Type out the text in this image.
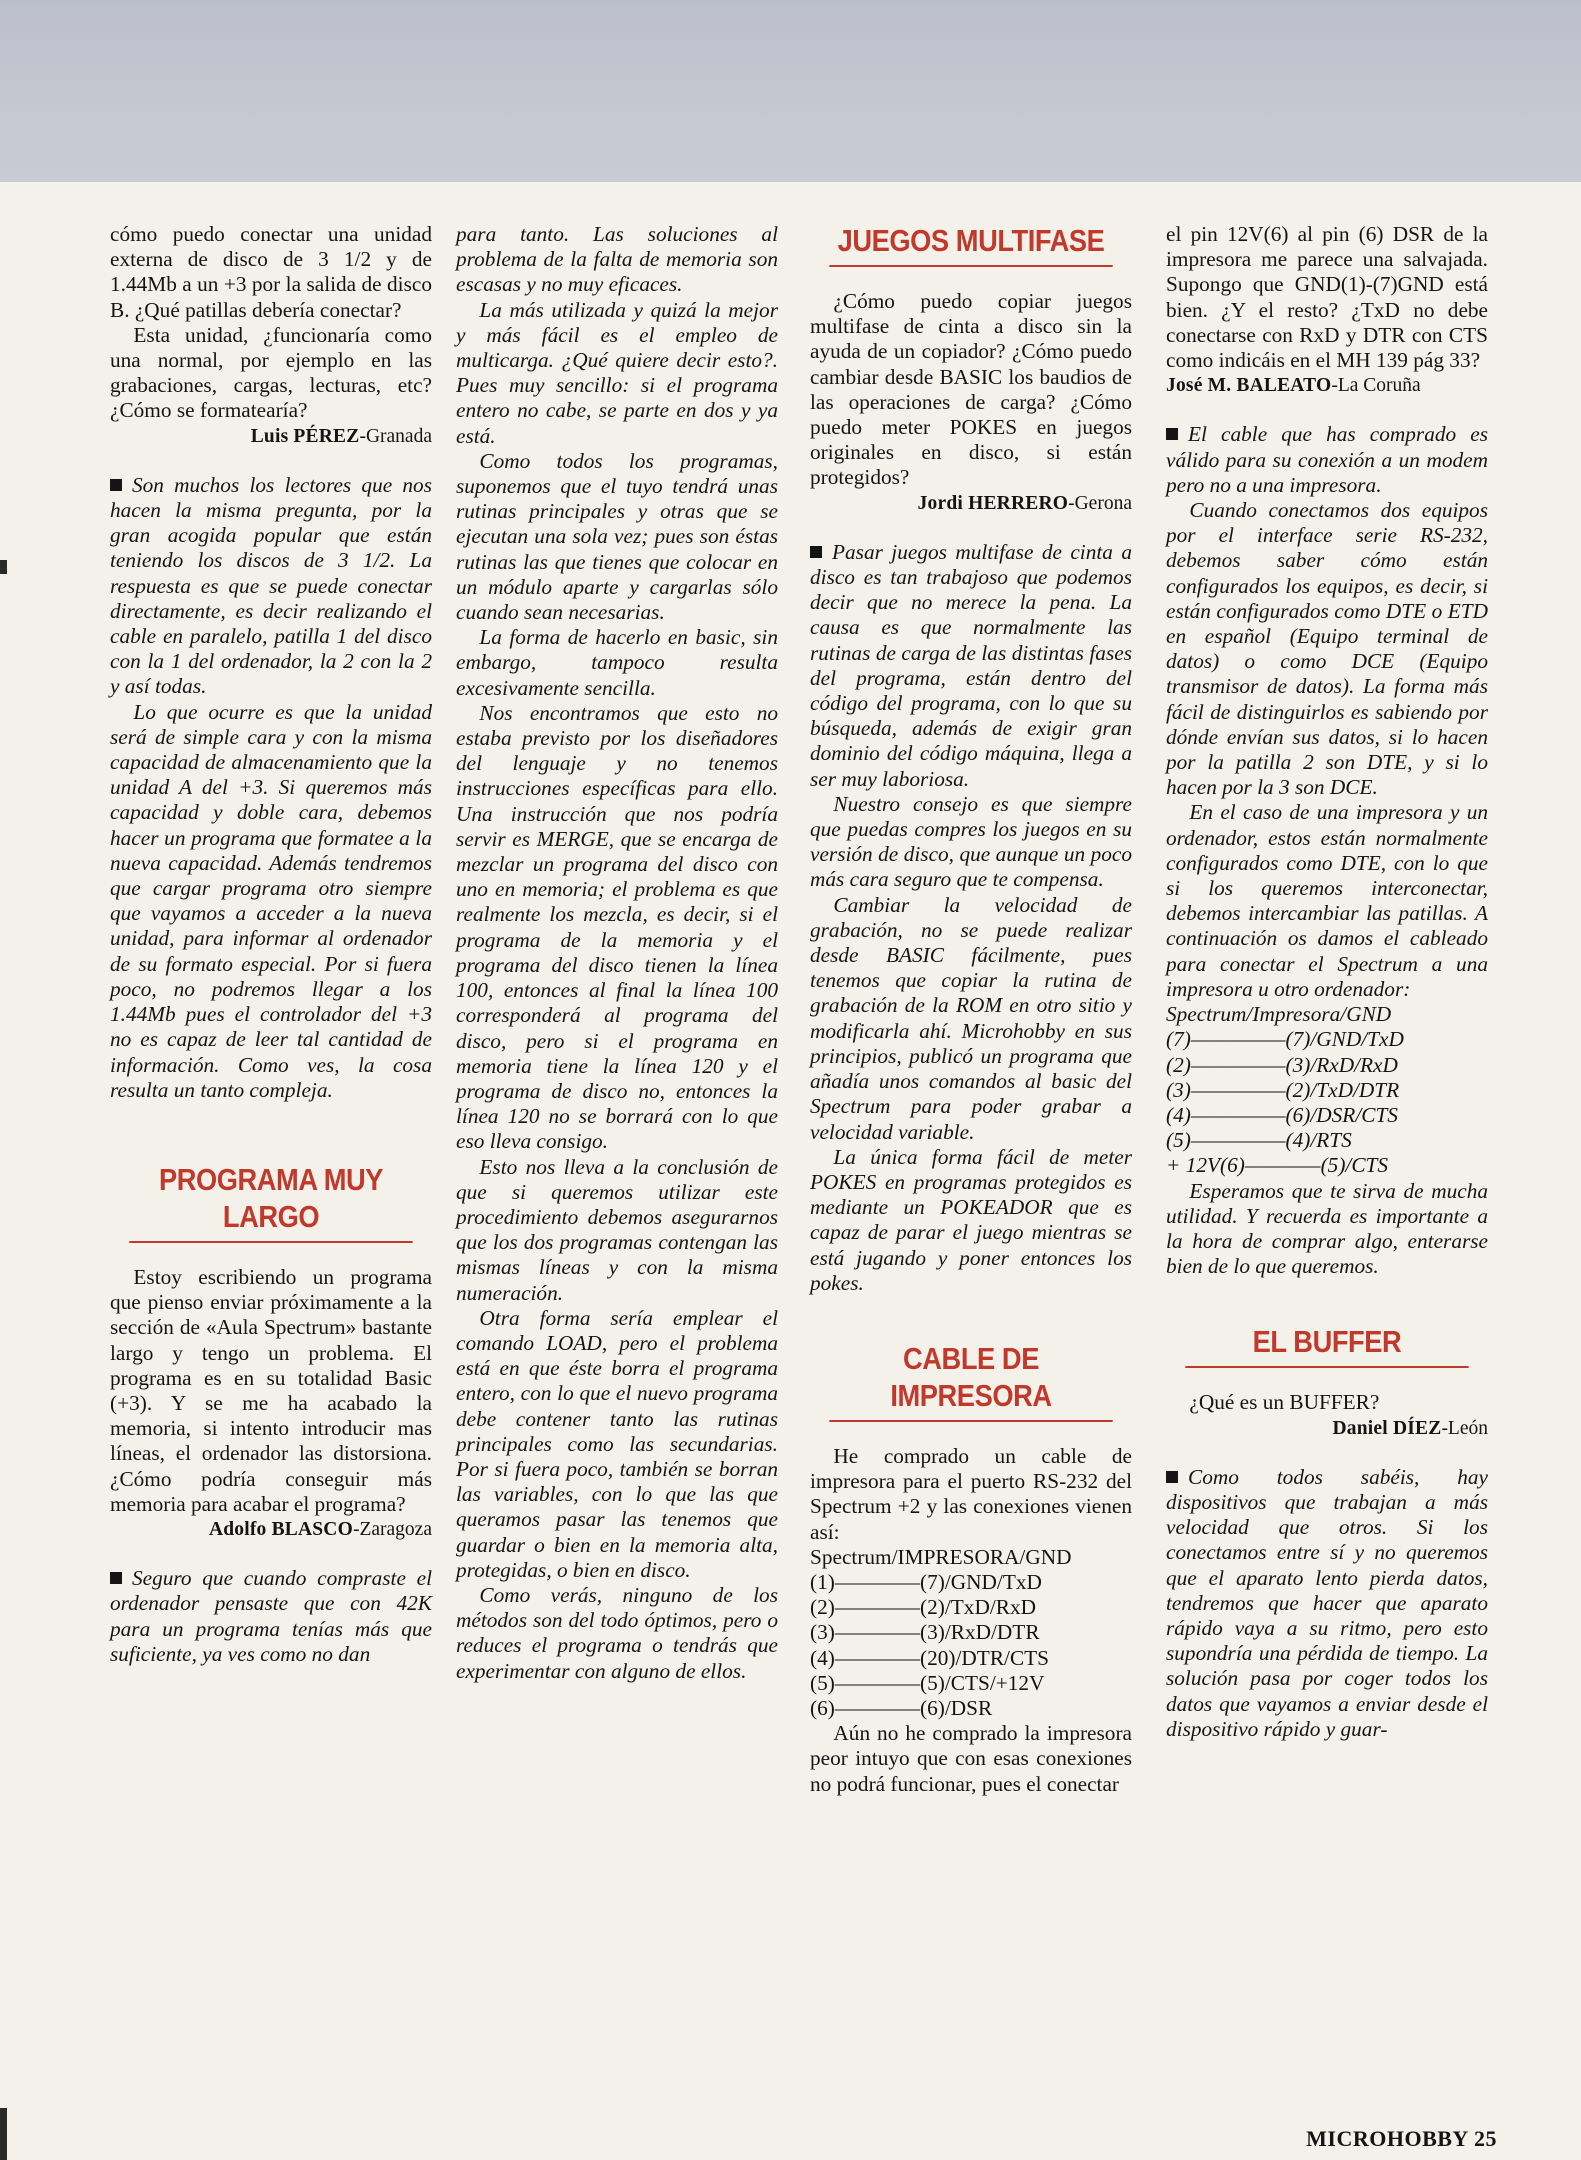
cómo puedo conectar una unidad externa de disco de 3 1/2 y de 1.44Mb a un +3 por la salida de disco B. ¿Qué patillas debería conectar?

Esta unidad, ¿funcionaría como una normal, por ejemplo en las grabaciones, cargas, lecturas, etc? ¿Cómo se formatearía?

Luis PÉREZ-Granada

Son muchos los lectores que nos hacen la misma pregunta, por la gran acogida popular que están teniendo los discos de 3 1/2. La respuesta es que se puede conectar directamente, es decir realizando el cable en paralelo, patilla 1 del disco con la 1 del ordenador, la 2 con la 2 y así todas.

Lo que ocurre es que la unidad será de simple cara y con la misma capacidad de almacenamiento que la unidad A del +3. Si queremos más capacidad y doble cara, debemos hacer un programa que formatee a la nueva capacidad. Además tendremos que cargar programa otro siempre que vayamos a acceder a la nueva unidad, para informar al ordenador de su formato especial. Por si fuera poco, no podremos llegar a los 1.44Mb pues el controlador del +3 no es capaz de leer tal cantidad de información. Como ves, la cosa resulta un tanto compleja.

PROGRAMA MUY LARGO

Estoy escribiendo un programa que pienso enviar próximamente a la sección de «Aula Spectrum» bastante largo y tengo un problema. El programa es en su totalidad Basic (+3). Y se me ha acabado la memoria, si intento introducir mas líneas, el ordenador las distorsiona. ¿Cómo podría conseguir más memoria para acabar el programa?

Adolfo BLASCO-Zaragoza

Seguro que cuando compraste el ordenador pensaste que con 42K para un programa tenías más que suficiente, ya ves como no dan

para tanto. Las soluciones al problema de la falta de memoria son escasas y no muy eficaces.

La más utilizada y quizá la mejor y más fácil es el empleo de multicarga. ¿Qué quiere decir esto?. Pues muy sencillo: si el programa entero no cabe, se parte en dos y ya está.

Como todos los programas, suponemos que el tuyo tendrá unas rutinas principales y otras que se ejecutan una sola vez; pues son éstas rutinas las que tienes que colocar en un módulo aparte y cargarlas sólo cuando sean necesarias.

La forma de hacerlo en basic, sin embargo, tampoco resulta excesivamente sencilla.

Nos encontramos que esto no estaba previsto por los diseñadores del lenguaje y no tenemos instrucciones específicas para ello. Una instrucción que nos podría servir es MERGE, que se encarga de mezclar un programa del disco con uno en memoria; el problema es que realmente los mezcla, es decir, si el programa de la memoria y el programa del disco tienen la línea 100, entonces al final la línea 100 corresponderá al programa del disco, pero si el programa en memoria tiene la línea 120 y el programa de disco no, entonces la línea 120 no se borrará con lo que eso lleva consigo.

Esto nos lleva a la conclusión de que si queremos utilizar este procedimiento debemos asegurarnos que los dos programas contengan las mismas líneas y con la misma numeración.

Otra forma sería emplear el comando LOAD, pero el problema está en que éste borra el programa entero, con lo que el nuevo programa debe contener tanto las rutinas principales como las secundarias. Por si fuera poco, también se borran las variables, con lo que las que queramos pasar las tenemos que guardar o bien en la memoria alta, protegidas, o bien en disco.

Como verás, ninguno de los métodos son del todo óptimos, pero o reduces el programa o tendrás que experimentar con alguno de ellos.

JUEGOS MULTIFASE

¿Cómo puedo copiar juegos multifase de cinta a disco sin la ayuda de un copiador? ¿Cómo puedo cambiar desde BASIC los baudios de las operaciones de carga? ¿Cómo puedo meter POKES en juegos originales en disco, si están protegidos?

Jordi HERRERO-Gerona

Pasar juegos multifase de cinta a disco es tan trabajoso que podemos decir que no merece la pena. La causa es que normalmente las rutinas de carga de las distintas fases del programa, están dentro del código del programa, con lo que su búsqueda, además de exigir gran dominio del código máquina, llega a ser muy laboriosa.

Nuestro consejo es que siempre que puedas compres los juegos en su versión de disco, que aunque un poco más cara seguro que te compensa.

Cambiar la velocidad de grabación, no se puede realizar desde BASIC fácilmente, pues tenemos que copiar la rutina de grabación de la ROM en otro sitio y modificarla ahí. Microhobby en sus principios, publicó un programa que añadía unos comandos al basic del Spectrum para poder grabar a velocidad variable.

La única forma fácil de meter POKES en programas protegidos es mediante un POKEADOR que es capaz de parar el juego mientras se está jugando y poner entonces los pokes.

CABLE DE IMPRESORA

He comprado un cable de impresora para el puerto RS-232 del Spectrum +2 y las conexiones vienen así:

Spectrum/IMPRESORA/GND

(1)————(7)/GND/TxD

(2)————(2)/TxD/RxD

(3)————(3)/RxD/DTR

(4)————(20)/DTR/CTS

(5)————(5)/CTS/+12V

(6)————(6)/DSR

Aún no he comprado la impresora peor intuyo que con esas conexiones no podrá funcionar, pues el conectar

el pin 12V(6) al pin (6) DSR de la impresora me parece una salvajada. Supongo que GND(1)-(7)GND está bien. ¿Y el resto? ¿TxD no debe conectarse con RxD y DTR con CTS como indicáis en el MH 139 pág 33?

José M. BALEATO-La Coruña

El cable que has comprado es válido para su conexión a un modem pero no a una impresora.

Cuando conectamos dos equipos por el interface serie RS-232, debemos saber cómo están configurados los equipos, es decir, si están configurados como DTE o ETD en español (Equipo terminal de datos) o como DCE (Equipo transmisor de datos). La forma más fácil de distinguirlos es sabiendo por dónde envían sus datos, si lo hacen por la patilla 2 son DTE, y si lo hacen por la 3 son DCE.

En el caso de una impresora y un ordenador, estos están normalmente configurados como DTE, con lo que si los queremos interconectar, debemos intercambiar las patillas. A continuación os damos el cableado para conectar el Spectrum a una impresora u otro ordenador:

Spectrum/Impresora/GND

(7)—————(7)/GND/TxD

(2)—————(3)/RxD/RxD

(3)—————(2)/TxD/DTR

(4)—————(6)/DSR/CTS

(5)—————(4)/RTS

+ 12V(6)————(5)/CTS

Esperamos que te sirva de mucha utilidad. Y recuerda es importante a la hora de comprar algo, enterarse bien de lo que queremos.

EL BUFFER

¿Qué es un BUFFER?

Daniel DÍEZ-León

Como todos sabéis, hay dispositivos que trabajan a más velocidad que otros. Si los conectamos entre sí y no queremos que el aparato lento pierda datos, tendremos que hacer que aparato rápido vaya a su ritmo, pero esto supondría una pérdida de tiempo. La solución pasa por coger todos los datos que vayamos a enviar desde el dispositivo rápido y guar-

MICROHOBBY 25
